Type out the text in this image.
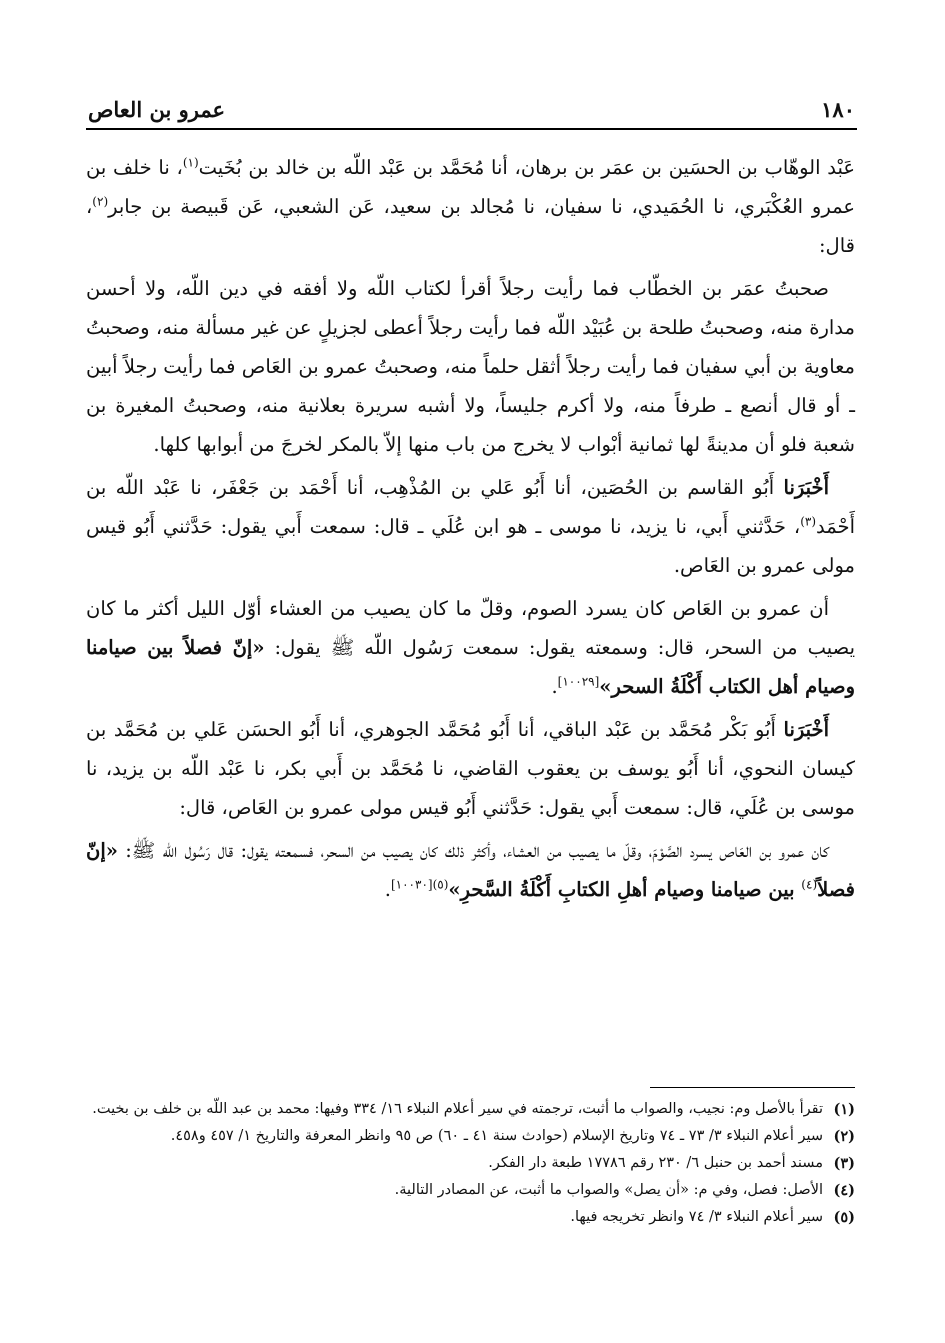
١٨٠
عمرو بن العاص

عَبْد الوهّاب بن الحسَين بن عمَر بن برهان، أنا مُحَمَّد بن عَبْد اللّه بن خالد بن بُخَيت$^{(١)}$، نا خلف بن عمرو العُكْبَري، نا الحُمَيدي، نا سفيان، نا مُجالد بن سعيد، عَن الشعبي، عَن قَبيصة بن جابر$^{(٢)}$، قال:

صحبتُ عمَر بن الخطّاب فما رأيت رجلاً أقرأ لكتاب اللّه ولا أفقه في دين اللّه، ولا أحسن مدارة منه، وصحبتُ طلحة بن عُبَيْد اللّه فما رأيت رجلاً أعطى لجزيلٍ عن غير مسألة منه، وصحبتُ معاوية بن أبي سفيان فما رأيت رجلاً أثقل حلماً منه، وصحبتُ عمرو بن العَاص فما رأيت رجلاً أبين ـ أو قال أنصع ـ طرفاً منه، ولا أكرم جليساً، ولا أشبه سريرة بعلانية منه، وصحبتُ المغيرة بن شعبة فلو أن مدينةً لها ثمانية أبْواب لا يخرج من باب منها إلاّ بالمكر لخرجَ من أبوابها كلها.

أَخْبَرَنا أَبُو القاسم بن الحُصَين، أنا أَبُو عَلي بن المُذْهِب، أنا أَحْمَد بن جَعْفَر، نا عَبْد اللّه بن أَحْمَد$^{(٣)}$، حَدَّثني أَبي، نا يزيد، نا موسى ـ هو ابن عُلَي ـ قال: سمعت أَبي يقول: حَدَّثني أَبُو قيس مولى عمرو بن العَاص.

أن عمرو بن العَاص كان يسرد الصوم، وقلّ ما كان يصيب من العشاء أوّل الليل أكثر ما كان يصيب من السحر، قال: وسمعته يقول: سمعت رَسُول اللّه ﷺ يقول: «إنّ فصلاً بين صيامنا وصيام أهل الكتاب أَكْلَةُ السحر»[١٠٠٢٩].

أَخْبَرَنا أَبُو بَكْر مُحَمَّد بن عَبْد الباقي، أنا أَبُو مُحَمَّد الجوهري، أنا أَبُو الحسَن عَلي بن مُحَمَّد بن كيسان النحوي، أنا أَبُو يوسف بن يعقوب القاضي، نا مُحَمَّد بن أَبي بكر، نا عَبْد اللّه بن يزيد، نا موسى بن عُلَي، قال: سمعت أَبي يقول: حَدَّثني أَبُو قيس مولى عمرو بن العَاص، قال:

كان عمرو بن العَاص يسرد الصَّوْمَ، وقلّ ما يصيب من العشاء، وأكثر ذلك كان يصيب من السحر، فسمعته يقول: قال رَسُول اللّه ﷺ: «إنّ فصلاً$^{(٤)}$ بين صيامنا وصيام أهلِ الكتابِ أَكْلَةُ السَّحرِ»$^{(٥)[١٠٠٣٠]}$.

(١)
تقرأ بالأصل وم: نجيب، والصواب ما أثبت، ترجمته في سير أعلام النبلاء ١٦/ ٣٣٤ وفيها: محمد بن عبد اللّه بن خلف بن بخيت.
(٢)
سير أعلام النبلاء ٣/ ٧٣ ـ ٧٤ وتاريخ الإسلام (حوادث سنة ٤١ ـ ٦٠) ص ٩٥ وانظر المعرفة والتاريخ ١/ ٤٥٧ و٤٥٨.
(٣)
مسند أحمد بن حنبل ٦/ ٢٣٠ رقم ١٧٧٨٦ طبعة دار الفكر.
(٤)
الأصل: فصل، وفي م: «أن يصل» والصواب ما أثبت، عن المصادر التالية.
(٥)
سير أعلام النبلاء ٣/ ٧٤ وانظر تخريجه فيها.
